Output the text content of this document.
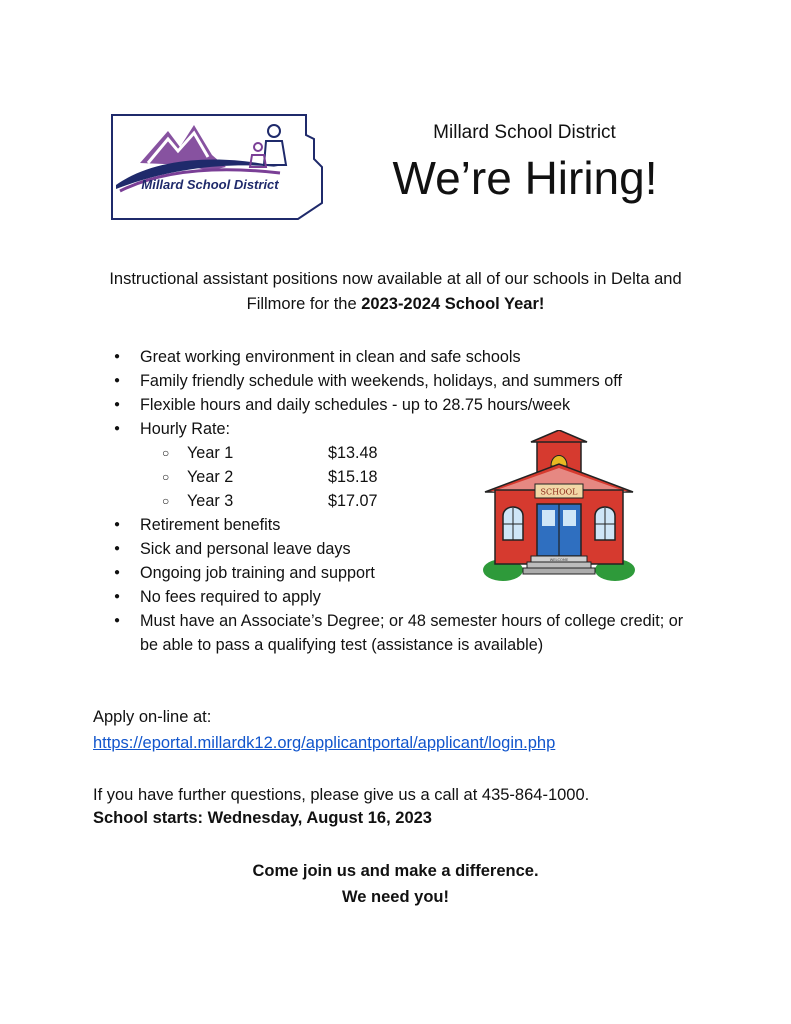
Millard School District
Millard School District
We’re Hiring!
Instructional assistant positions now available at all of our schools in Delta and Fillmore for the 2023-2024 School Year!
● Great working environment in clean and safe schools
● Family friendly schedule with weekends, holidays, and summers off
● Flexible hours and daily schedules - up to 28.75 hours/week
● Hourly Rate:
○ Year 1	$13.48
○ Year 2	$15.18
○ Year 3	$17.07
● Retirement benefits
● Sick and personal leave days
● Ongoing job training and support
● No fees required to apply
● Must have an Associate’s Degree; or 48 semester hours of college credit; or be able to pass a qualifying test (assistance is available)
SCHOOL
WELCOME
Apply on-line at:
https://eportal.millardk12.org/applicantportal/applicant/login.php
If you have further questions, please give us a call at 435-864-1000.
School starts: Wednesday, August 16, 2023
Come join us and make a difference.
We need you!
